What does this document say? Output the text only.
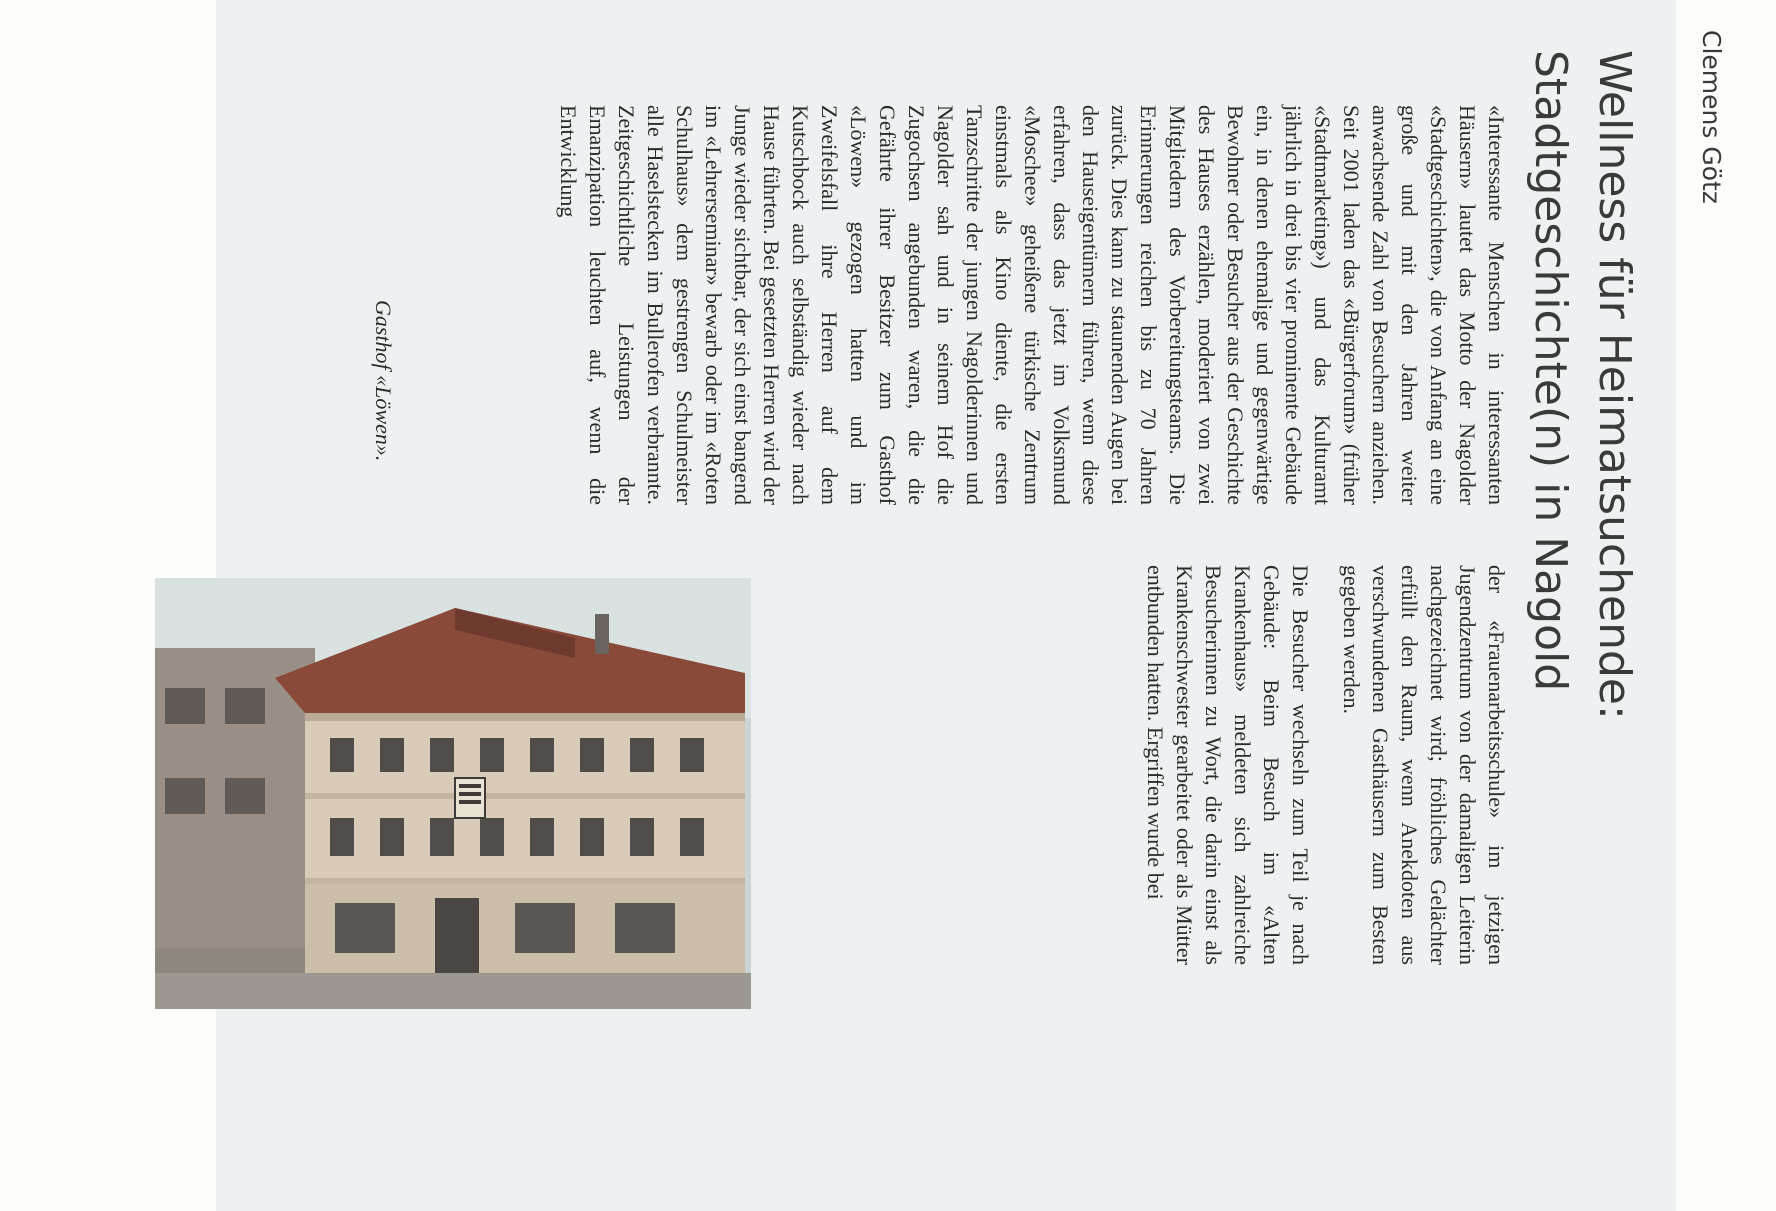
Clemens Götz
Wellness für Heimatsuchende:
Stadtgeschichte(n) in Nagold

«Interessante Menschen in interessanten Häusern» lautet das Motto der Nagolder «Stadtgeschichten», die von Anfang an eine große und mit den Jahren weiter anwachsende Zahl von Besuchern anziehen. Seit 2001 laden das «Bürgerforum» (früher «Stadtmarketing») und das Kulturamt jährlich in drei bis vier prominente Gebäude ein, in denen ehemalige und gegenwärtige Bewohner oder Besucher aus der Geschichte des Hauses erzählen, moderiert von zwei Mitgliedern des Vorbereitungsteams. Die Erinnerungen reichen bis zu 70 Jahren zurück. Dies kann zu staunenden Augen bei den Hauseigentümern führen, wenn diese erfahren, dass das jetzt im Volksmund «Moschee» geheißene türkische Zentrum einstmals als Kino diente, die ersten Tanzschritte der jungen Nagolderinnen und Nagolder sah und in seinem Hof die Zugochsen angebunden waren, die die Gefährte ihrer Besitzer zum Gasthof «Löwen» gezogen hatten und im Zweifelsfall ihre Herren auf dem Kutschbock auch selbständig wieder nach Hause führten. Bei gesetzten Herren wird der Junge wieder sichtbar, der sich einst bangend im «Lehrerseminar» bewarb oder im «Roten Schulhaus» dem gestrengen Schulmeister alle Haselstecken im Bullerofen verbrannte. Zeitgeschichtliche Leistungen der Emanzipation leuchten auf, wenn die Entwicklung

der «Frauenarbeitsschule» im jetzigen Jugendzentrum von der damaligen Leiterin nachgezeichnet wird; fröhliches Gelächter erfüllt den Raum, wenn Anekdoten aus verschwundenen Gasthäusern zum Besten gegeben werden.

Die Besucher wechseln zum Teil je nach Gebäude: Beim Besuch im «Alten Krankenhaus» meldeten sich zahlreiche Besucherinnen zu Wort, die darin einst als Krankenschwester gearbeitet oder als Mütter entbunden hatten. Ergriffen wurde bei

Gasthof «Löwen».
